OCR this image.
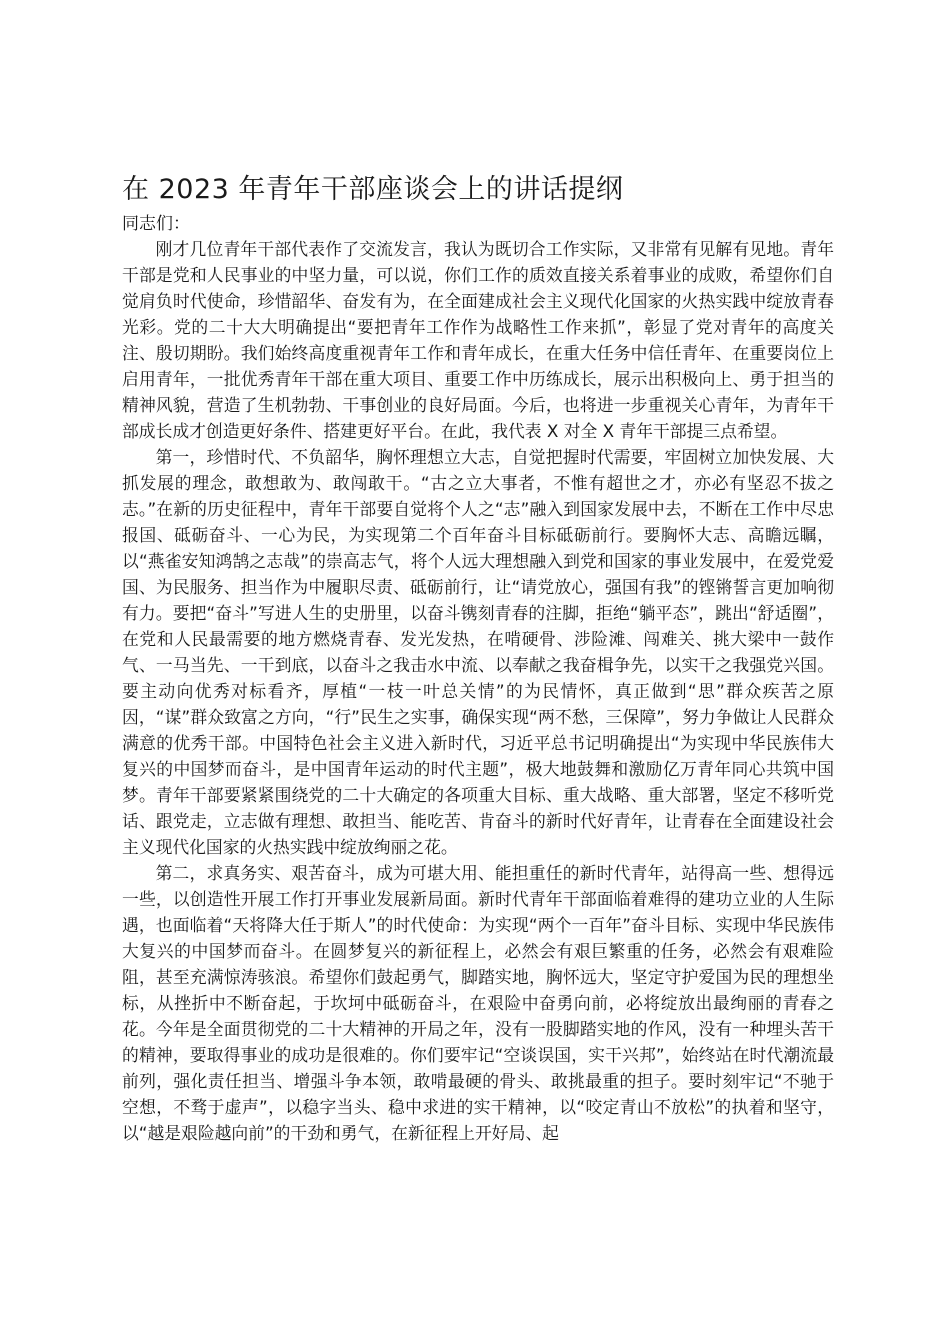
在 2023 年青年干部座谈会上的讲话提纲
同志们：

刚才几位青年干部代表作了交流发言，我认为既切合工作实际，又非常有见解有见地。青年干部是党和人民事业的中坚力量，可以说，你们工作的质效直接关系着事业的成败，希望你们自觉肩负时代使命，珍惜韶华、奋发有为，在全面建成社会主义现代化国家的火热实践中绽放青春光彩。党的二十大大明确提出“要把青年工作作为战略性工作来抓”，彰显了党对青年的高度关注、殷切期盼。我们始终高度重视青年工作和青年成长，在重大任务中信任青年、在重要岗位上启用青年，一批优秀青年干部在重大项目、重要工作中历练成长，展示出积极向上、勇于担当的精神风貌，营造了生机勃勃、干事创业的良好局面。今后，也将进一步重视关心青年，为青年干部成长成才创造更好条件、搭建更好平台。在此，我代表 X 对全 X 青年干部提三点希望。

第一，珍惜时代、不负韶华，胸怀理想立大志，自觉把握时代需要，牢固树立加快发展、大抓发展的理念，敢想敢为、敢闯敢干。“古之立大事者，不惟有超世之才，亦必有坚忍不拔之志。”在新的历史征程中，青年干部要自觉将个人之“志”融入到国家发展中去，不断在工作中尽忠报国、砥砺奋斗、一心为民，为实现第二个百年奋斗目标砥砺前行。要胸怀大志、高瞻远瞩，以“燕雀安知鸿鹄之志哉”的崇高志气，将个人远大理想融入到党和国家的事业发展中，在爱党爱国、为民服务、担当作为中履职尽责、砥砺前行，让“请党放心，强国有我”的铿锵誓言更加响彻有力。要把“奋斗”写进人生的史册里，以奋斗镌刻青春的注脚，拒绝“躺平态”，跳出“舒适圈”，在党和人民最需要的地方燃烧青春、发光发热，在啃硬骨、涉险滩、闯难关、挑大梁中一鼓作气、一马当先、一干到底，以奋斗之我击水中流、以奉献之我奋楫争先，以实干之我强党兴国。要主动向优秀对标看齐，厚植“一枝一叶总关情”的为民情怀，真正做到“思”群众疾苦之原因，“谋”群众致富之方向，“行”民生之实事，确保实现“两不愁，三保障”，努力争做让人民群众满意的优秀干部。中国特色社会主义进入新时代，习近平总书记明确提出“为实现中华民族伟大复兴的中国梦而奋斗，是中国青年运动的时代主题”，极大地鼓舞和激励亿万青年同心共筑中国梦。青年干部要紧紧围绕党的二十大确定的各项重大目标、重大战略、重大部署，坚定不移听党话、跟党走，立志做有理想、敢担当、能吃苦、肯奋斗的新时代好青年，让青春在全面建设社会主义现代化国家的火热实践中绽放绚丽之花。

第二，求真务实、艰苦奋斗，成为可堪大用、能担重任的新时代青年，站得高一些、想得远一些，以创造性开展工作打开事业发展新局面。新时代青年干部面临着难得的建功立业的人生际遇，也面临着“天将降大任于斯人”的时代使命：为实现“两个一百年”奋斗目标、实现中华民族伟大复兴的中国梦而奋斗。在圆梦复兴的新征程上，必然会有艰巨繁重的任务，必然会有艰难险阻，甚至充满惊涛骇浪。希望你们鼓起勇气，脚踏实地，胸怀远大，坚定守护爱国为民的理想坐标，从挫折中不断奋起，于坎坷中砥砺奋斗，在艰险中奋勇向前，必将绽放出最绚丽的青春之花。今年是全面贯彻党的二十大精神的开局之年，没有一股脚踏实地的作风，没有一种埋头苦干的精神，要取得事业的成功是很难的。你们要牢记“空谈误国，实干兴邦”，始终站在时代潮流最前列，强化责任担当、增强斗争本领，敢啃最硬的骨头、敢挑最重的担子。要时刻牢记“不驰于空想，不骛于虚声”，以稳字当头、稳中求进的实干精神，以“咬定青山不放松”的执着和坚守，以“越是艰险越向前”的干劲和勇气，在新征程上开好局、起
